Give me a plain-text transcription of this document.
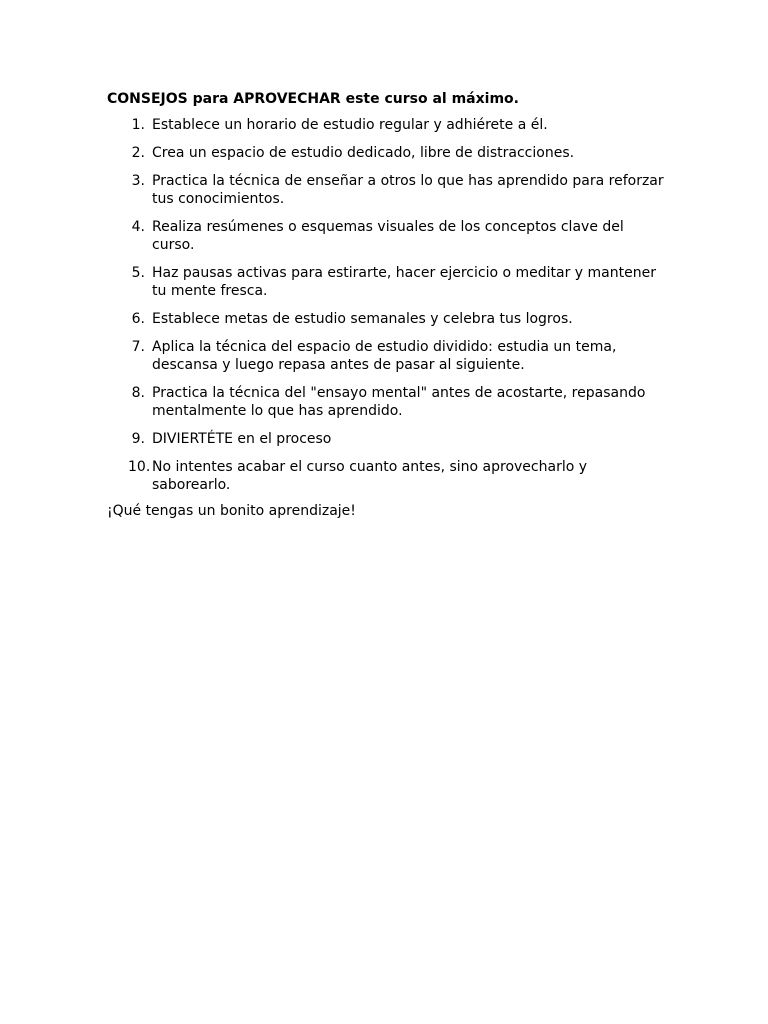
CONSEJOS para APROVECHAR este curso al máximo.
1. Establece un horario de estudio regular y adhiérete a él.
2. Crea un espacio de estudio dedicado, libre de distracciones.
3. Practica la técnica de enseñar a otros lo que has aprendido para reforzar tus conocimientos.
4. Realiza resúmenes o esquemas visuales de los conceptos clave del curso.
5. Haz pausas activas para estirarte, hacer ejercicio o meditar y mantener tu mente fresca.
6. Establece metas de estudio semanales y celebra tus logros.
7. Aplica la técnica del espacio de estudio dividido: estudia un tema, descansa y luego repasa antes de pasar al siguiente.
8. Practica la técnica del "ensayo mental" antes de acostarte, repasando mentalmente lo que has aprendido.
9. DIVIERTÉTE en el proceso
10. No intentes acabar el curso cuanto antes, sino aprovecharlo y saborearlo.
¡Qué tengas un bonito aprendizaje!
